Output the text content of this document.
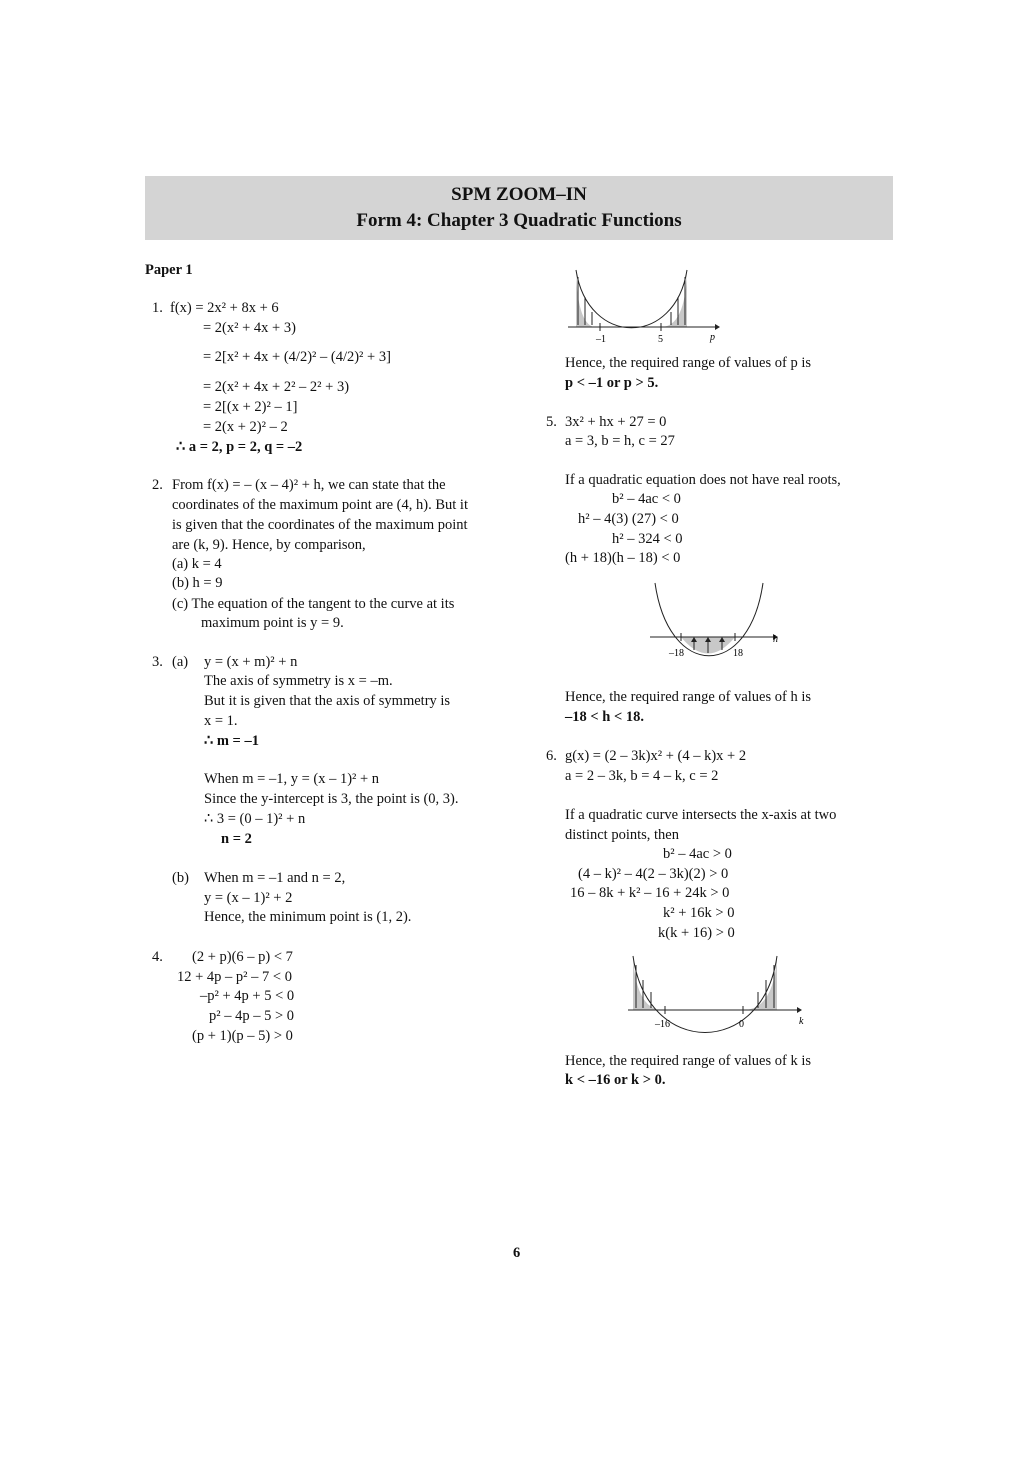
SPM ZOOM–IN
Form 4: Chapter 3 Quadratic Functions
Paper 1
1. f(x) = 2x² + 8x + 6
= 2(x² + 4x + 3)
= 2[x² + 4x + (4/2)² – (4/2)² + 3]
= 2(x² + 4x + 2² – 2² + 3)
= 2[(x + 2)² – 1]
= 2(x + 2)² – 2
∴ a = 2, p = 2, q = –2
2. From f(x) = – (x – 4)² + h, we can state that the
coordinates of the maximum point are (4, h). But it
is given that the coordinates of the maximum point
are (k, 9). Hence, by comparison,
(a) k = 4
(b) h = 9
(c) The equation of the tangent to the curve at its
maximum point is y = 9.
3. (a) y = (x + m)² + n
The axis of symmetry is x = –m.
But it is given that the axis of symmetry is
x = 1.
∴ m = –1
When m = –1, y = (x – 1)² + n
Since the y-intercept is 3, the point is (0, 3).
∴ 3 = (0 – 1)² + n
n = 2
(b) When m = –1 and n = 2,
y = (x – 1)² + 2
Hence, the minimum point is (1, 2).
4. (2 + p)(6 – p) < 7
12 + 4p – p² – 7 < 0
–p² + 4p + 5 < 0
p² – 4p – 5 > 0
(p + 1)(p – 5) > 0
–1	5	p
Hence, the required range of values of p is
p < –1 or p > 5.
5. 3x² + hx + 27 = 0
a = 3, b = h, c = 27
If a quadratic equation does not have real roots,
b² – 4ac < 0
h² – 4(3) (27) < 0
h² – 324 < 0
(h + 18)(h – 18) < 0
–18	18
h
Hence, the required range of values of h is
–18 < h < 18.
6. g(x) = (2 – 3k)x² + (4 – k)x + 2
a = 2 – 3k, b = 4 – k, c = 2
If a quadratic curve intersects the x-axis at two
distinct points, then
b² – 4ac > 0
(4 – k)² – 4(2 – 3k)(2) > 0
16 – 8k + k² – 16 + 24k > 0
k² + 16k > 0
k(k + 16) > 0
–16	0	k
Hence, the required range of values of k is
k < –16 or k > 0.
6
